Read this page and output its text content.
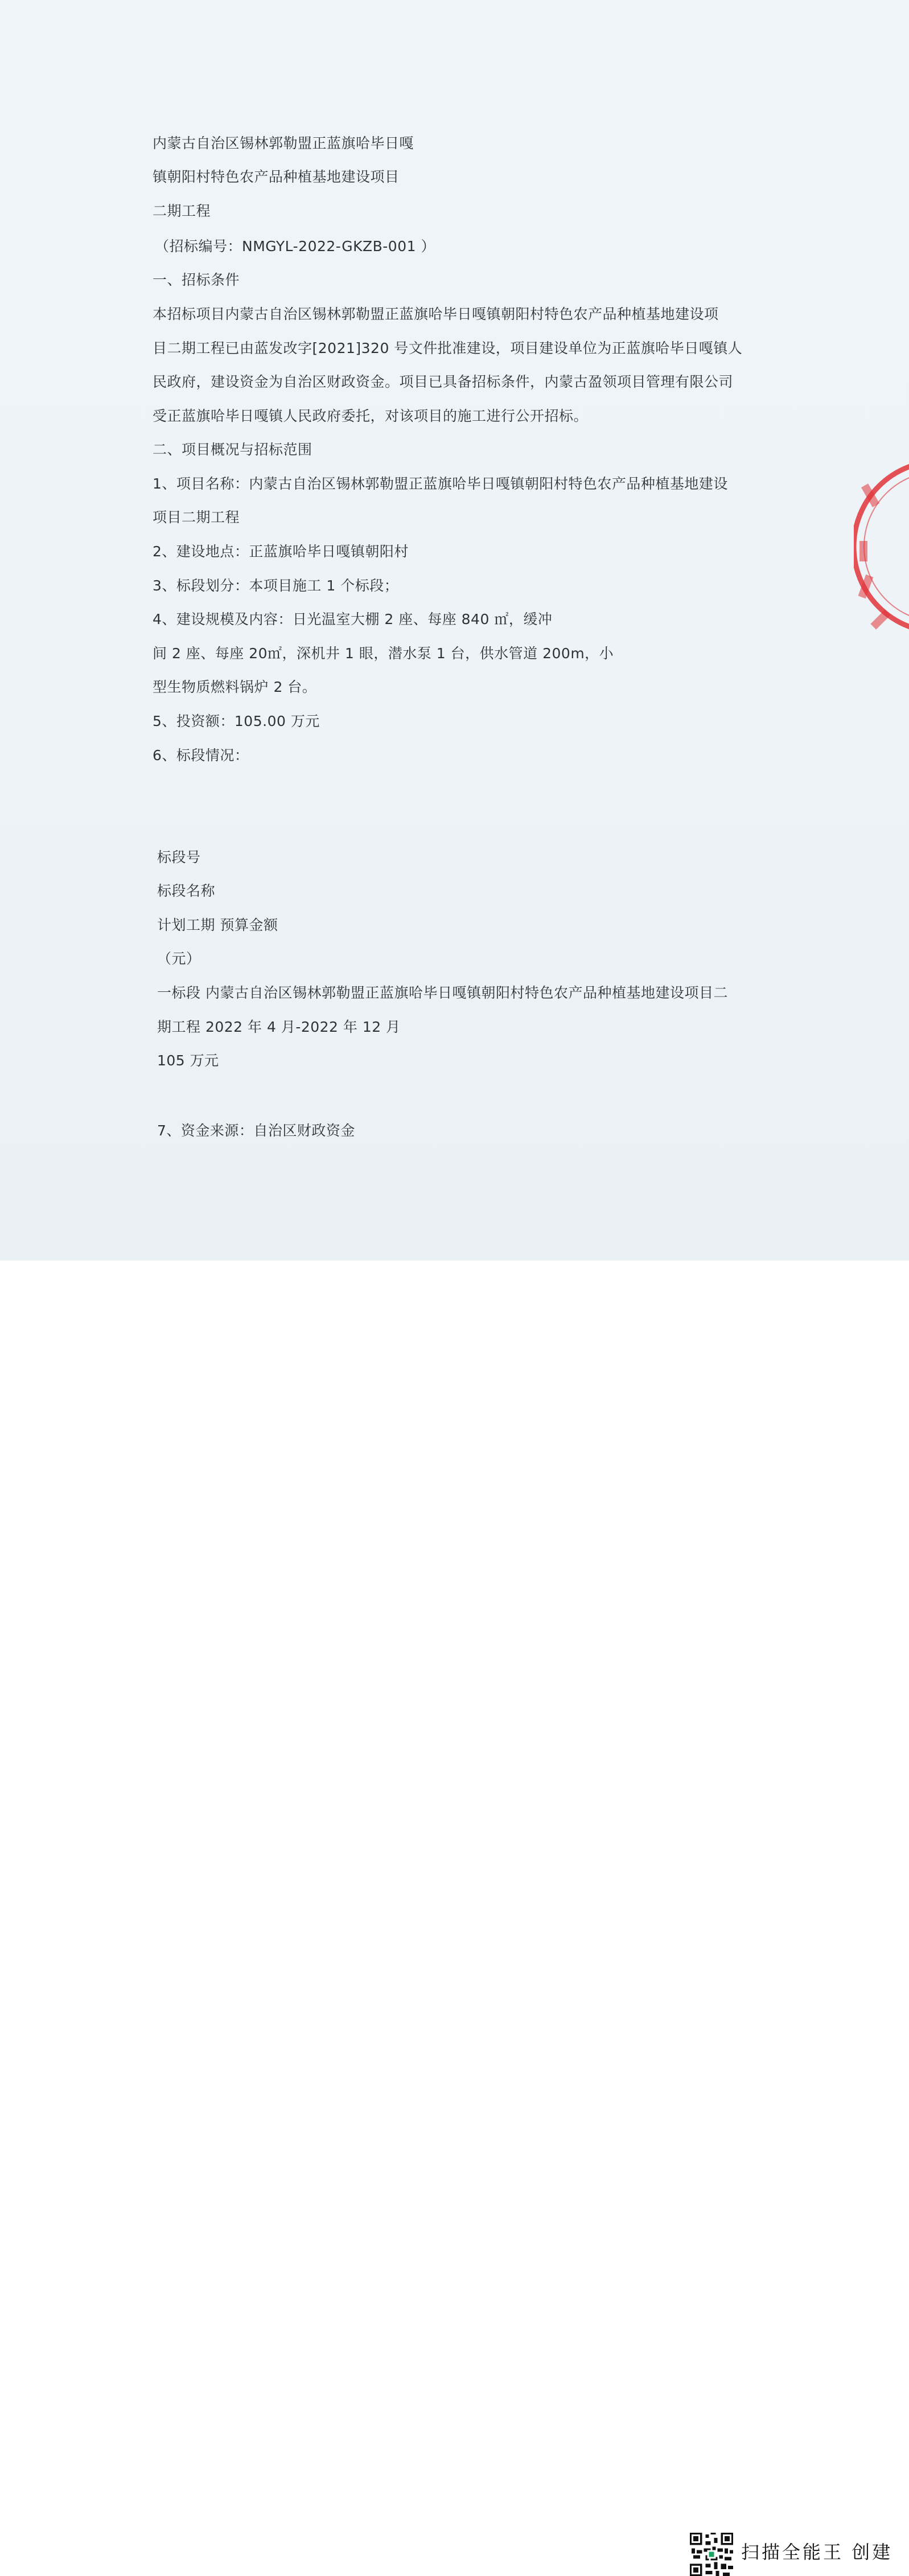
内蒙古自治区锡林郭勒盟正蓝旗哈毕日嘎
镇朝阳村特色农产品种植基地建设项目
二期工程
（招标编号：NMGYL-2022-GKZB-001 ）
一、招标条件
本招标项目内蒙古自治区锡林郭勒盟正蓝旗哈毕日嘎镇朝阳村特色农产品种植基地建设项
目二期工程已由蓝发改字[2021]320 号文件批准建设，项目建设单位为正蓝旗哈毕日嘎镇人
民政府，建设资金为自治区财政资金。项目已具备招标条件，内蒙古盈领项目管理有限公司
受正蓝旗哈毕日嘎镇人民政府委托，对该项目的施工进行公开招标。
二、项目概况与招标范围
1、项目名称：内蒙古自治区锡林郭勒盟正蓝旗哈毕日嘎镇朝阳村特色农产品种植基地建设
项目二期工程
2、建设地点：正蓝旗哈毕日嘎镇朝阳村
3、标段划分：本项目施工 1 个标段；
4、建设规模及内容：日光温室大棚 2 座、每座 840 ㎡，缓冲
间 2 座、每座 20㎡，深机井 1 眼，潜水泵 1 台，供水管道 200m，小
型生物质燃料锅炉 2 台。
5、投资额：105.00 万元
6、标段情况：
标段号
标段名称
计划工期 预算金额
（元）
一标段 内蒙古自治区锡林郭勒盟正蓝旗哈毕日嘎镇朝阳村特色农产品种植基地建设项目二
期工程 2022 年 4 月-2022 年 12 月
105 万元
7、资金来源：自治区财政资金
扫描全能王 创建
